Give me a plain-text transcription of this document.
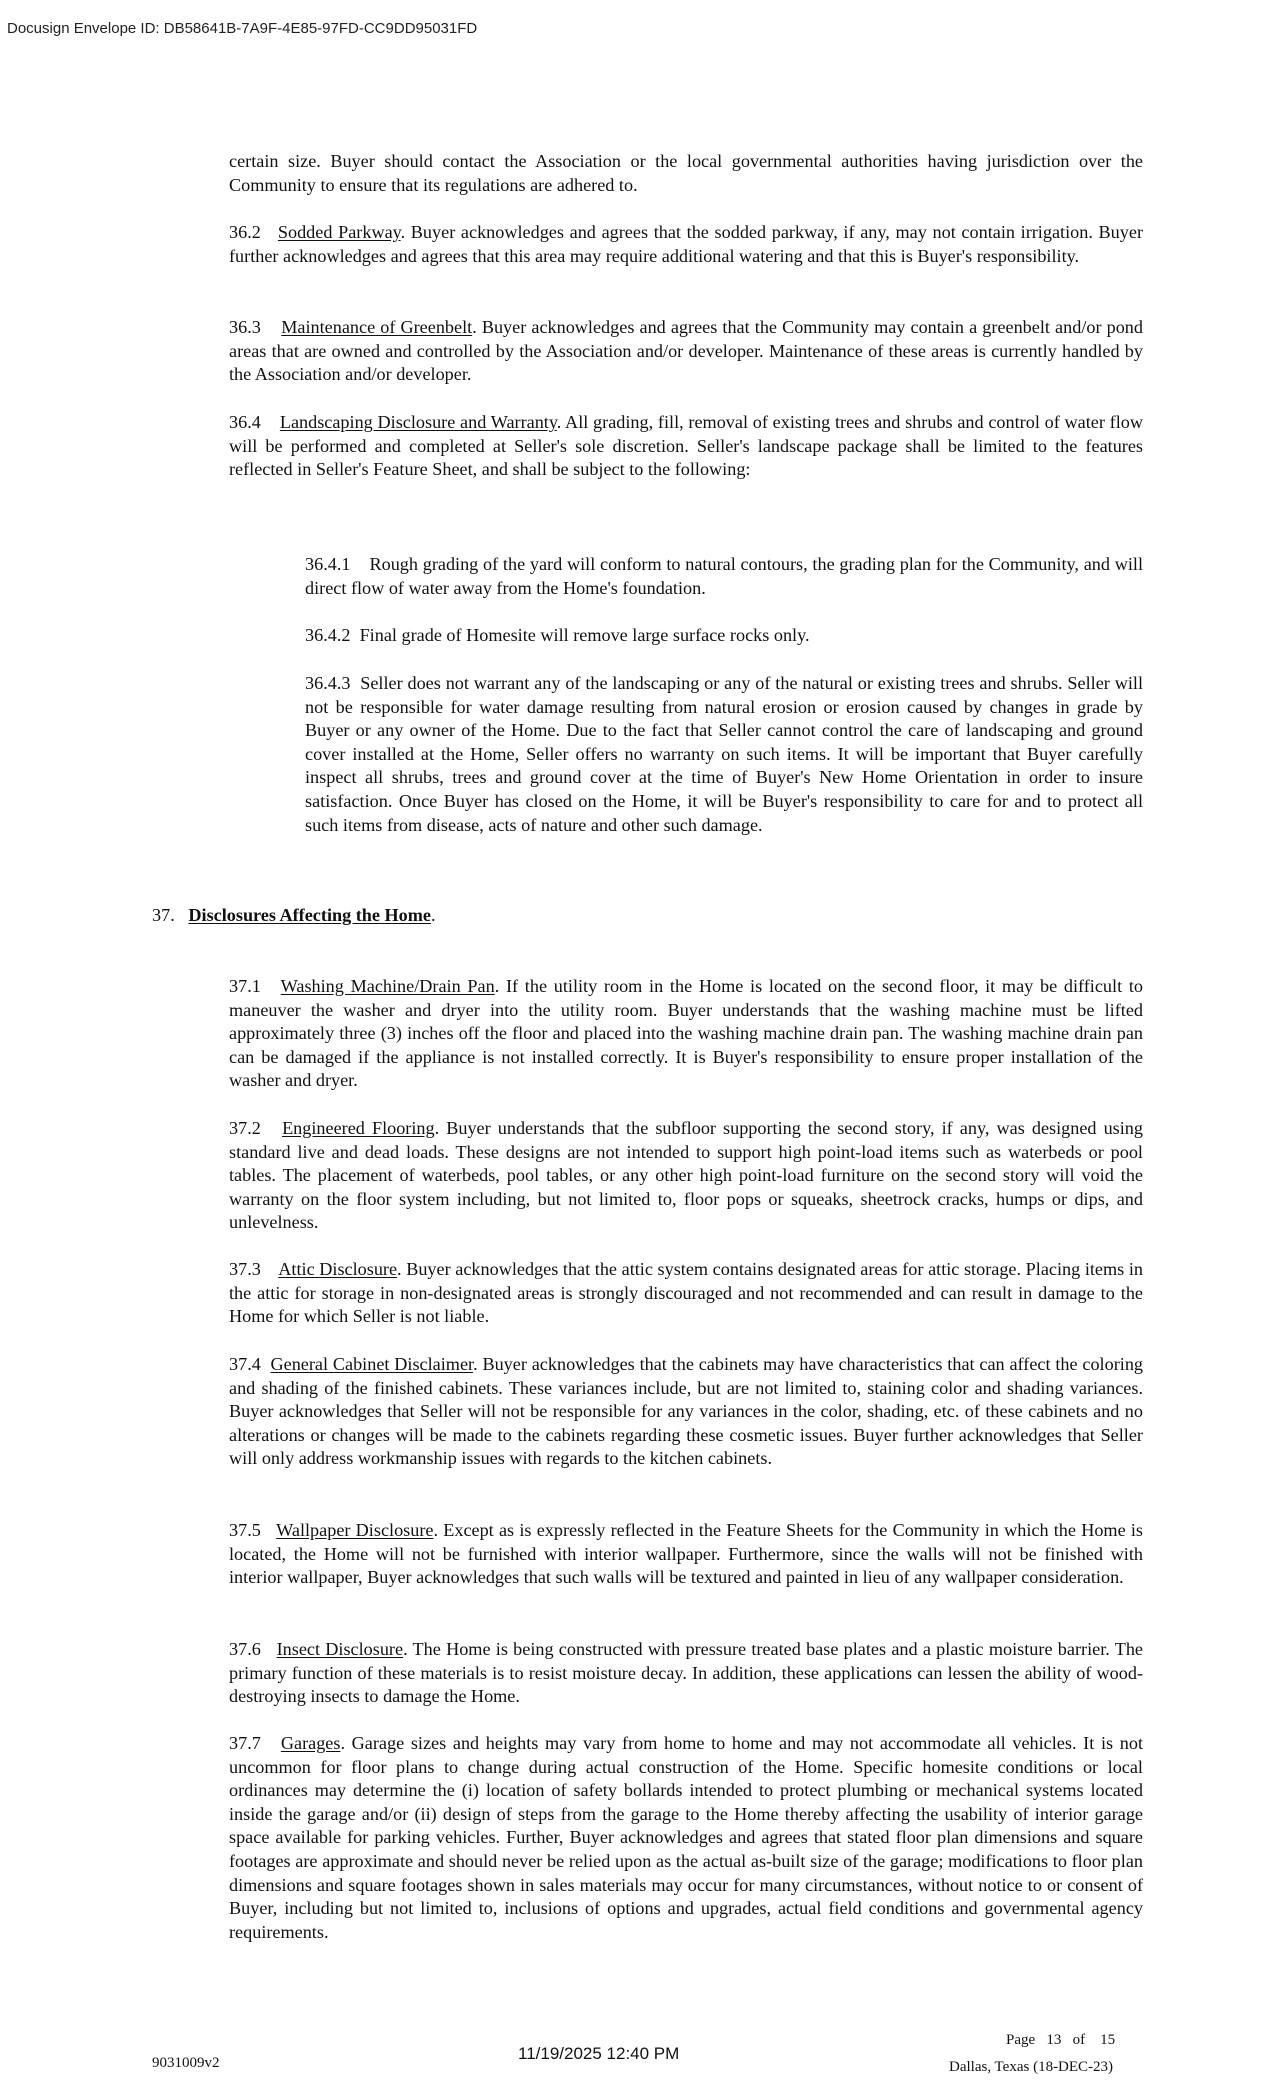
Docusign Envelope ID: DB58641B-7A9F-4E85-97FD-CC9DD95031FD

certain size. Buyer should contact the Association or the local governmental authorities having jurisdiction over the Community to ensure that its regulations are adhered to.

36.2 Sodded Parkway. Buyer acknowledges and agrees that the sodded parkway, if any, may not contain irrigation. Buyer further acknowledges and agrees that this area may require additional watering and that this is Buyer's responsibility.

36.3 Maintenance of Greenbelt. Buyer acknowledges and agrees that the Community may contain a greenbelt and/or pond areas that are owned and controlled by the Association and/or developer. Maintenance of these areas is currently handled by the Association and/or developer.

36.4 Landscaping Disclosure and Warranty. All grading, fill, removal of existing trees and shrubs and control of water flow will be performed and completed at Seller's sole discretion. Seller's landscape package shall be limited to the features reflected in Seller's Feature Sheet, and shall be subject to the following:

36.4.1 Rough grading of the yard will conform to natural contours, the grading plan for the Community, and will direct flow of water away from the Home's foundation.

36.4.2 Final grade of Homesite will remove large surface rocks only.

36.4.3 Seller does not warrant any of the landscaping or any of the natural or existing trees and shrubs. Seller will not be responsible for water damage resulting from natural erosion or erosion caused by changes in grade by Buyer or any owner of the Home. Due to the fact that Seller cannot control the care of landscaping and ground cover installed at the Home, Seller offers no warranty on such items. It will be important that Buyer carefully inspect all shrubs, trees and ground cover at the time of Buyer's New Home Orientation in order to insure satisfaction. Once Buyer has closed on the Home, it will be Buyer's responsibility to care for and to protect all such items from disease, acts of nature and other such damage.

37. Disclosures Affecting the Home.

37.1 Washing Machine/Drain Pan. If the utility room in the Home is located on the second floor, it may be difficult to maneuver the washer and dryer into the utility room. Buyer understands that the washing machine must be lifted approximately three (3) inches off the floor and placed into the washing machine drain pan. The washing machine drain pan can be damaged if the appliance is not installed correctly. It is Buyer's responsibility to ensure proper installation of the washer and dryer.

37.2 Engineered Flooring. Buyer understands that the subfloor supporting the second story, if any, was designed using standard live and dead loads. These designs are not intended to support high point-load items such as waterbeds or pool tables. The placement of waterbeds, pool tables, or any other high point-load furniture on the second story will void the warranty on the floor system including, but not limited to, floor pops or squeaks, sheetrock cracks, humps or dips, and unlevelness.

37.3 Attic Disclosure. Buyer acknowledges that the attic system contains designated areas for attic storage. Placing items in the attic for storage in non-designated areas is strongly discouraged and not recommended and can result in damage to the Home for which Seller is not liable.

37.4 General Cabinet Disclaimer. Buyer acknowledges that the cabinets may have characteristics that can affect the coloring and shading of the finished cabinets. These variances include, but are not limited to, staining color and shading variances. Buyer acknowledges that Seller will not be responsible for any variances in the color, shading, etc. of these cabinets and no alterations or changes will be made to the cabinets regarding these cosmetic issues. Buyer further acknowledges that Seller will only address workmanship issues with regards to the kitchen cabinets.

37.5 Wallpaper Disclosure. Except as is expressly reflected in the Feature Sheets for the Community in which the Home is located, the Home will not be furnished with interior wallpaper. Furthermore, since the walls will not be finished with interior wallpaper, Buyer acknowledges that such walls will be textured and painted in lieu of any wallpaper consideration.

37.6 Insect Disclosure. The Home is being constructed with pressure treated base plates and a plastic moisture barrier. The primary function of these materials is to resist moisture decay. In addition, these applications can lessen the ability of wood-destroying insects to damage the Home.

37.7 Garages. Garage sizes and heights may vary from home to home and may not accommodate all vehicles. It is not uncommon for floor plans to change during actual construction of the Home. Specific homesite conditions or local ordinances may determine the (i) location of safety bollards intended to protect plumbing or mechanical systems located inside the garage and/or (ii) design of steps from the garage to the Home thereby affecting the usability of interior garage space available for parking vehicles. Further, Buyer acknowledges and agrees that stated floor plan dimensions and square footages are approximate and should never be relied upon as the actual as-built size of the garage; modifications to floor plan dimensions and square footages shown in sales materials may occur for many circumstances, without notice to or consent of Buyer, including but not limited to, inclusions of options and upgrades, actual field conditions and governmental agency requirements.

9031009v2	11/19/2025 12:40 PM
Page 13 of 15
Dallas, Texas (18-DEC-23)
